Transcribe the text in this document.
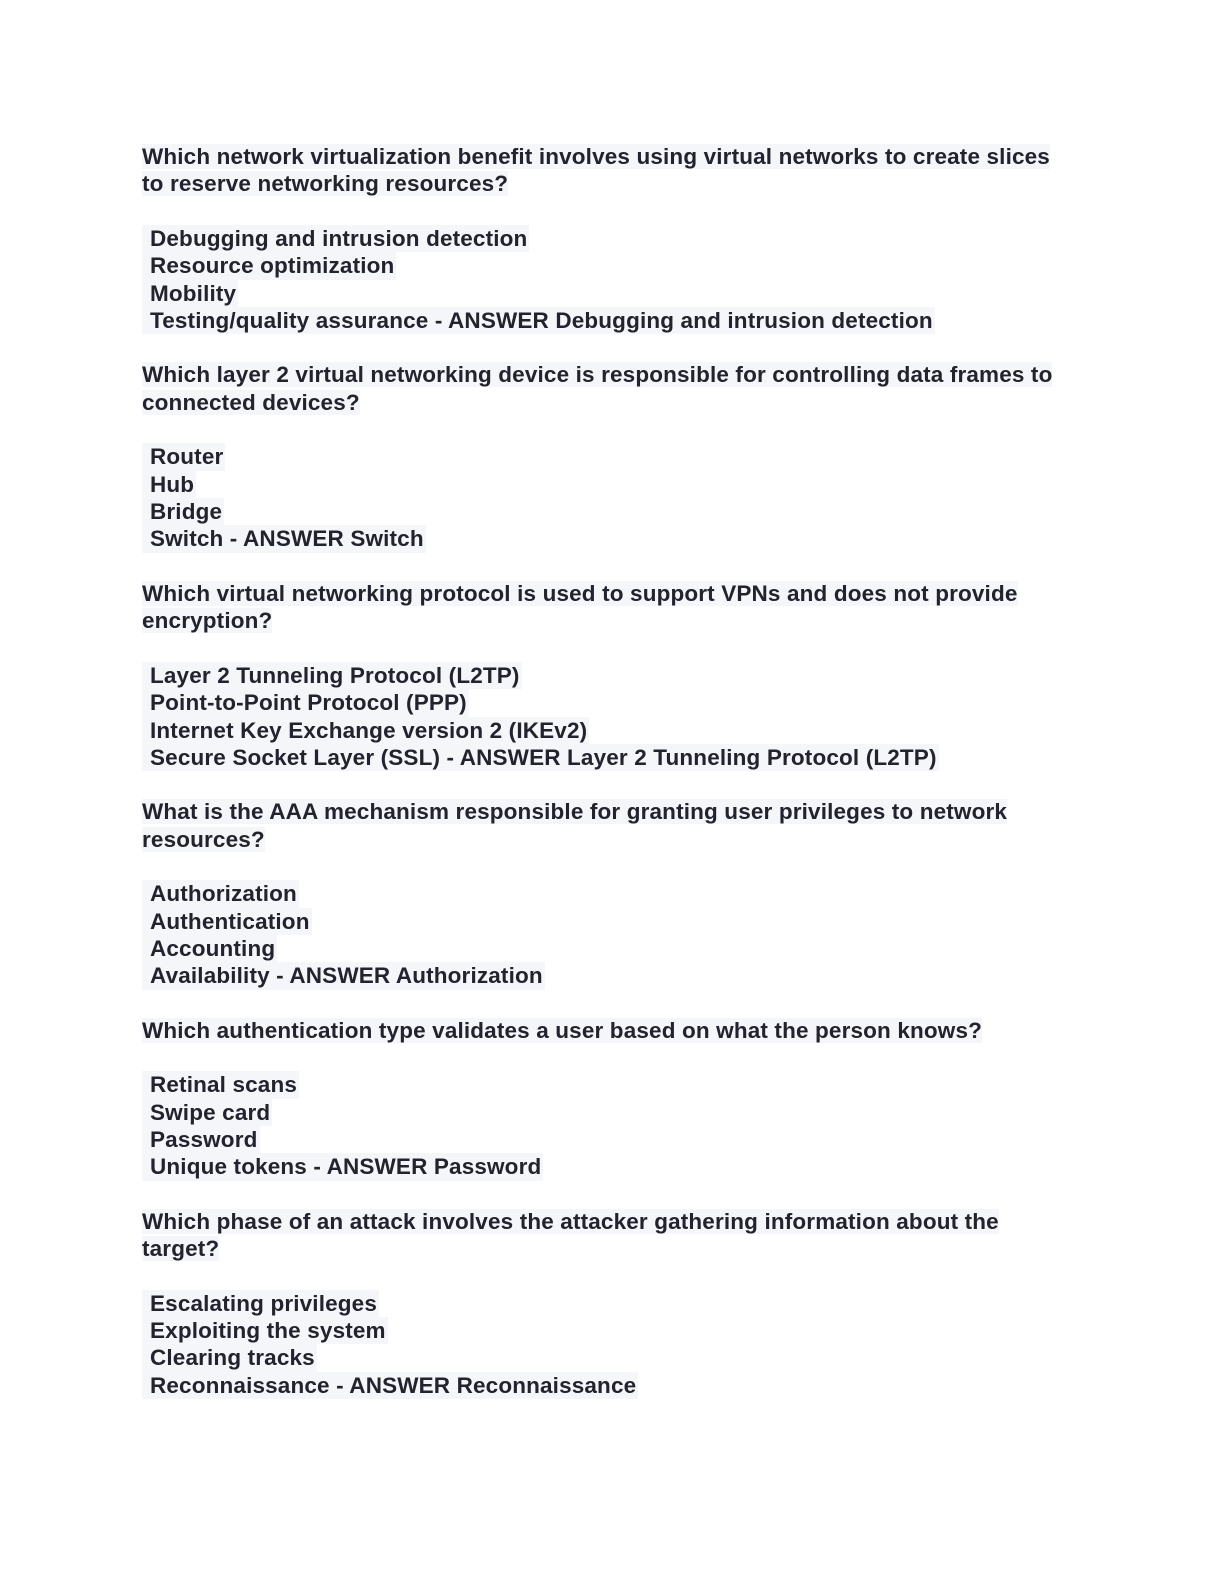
Which network virtualization benefit involves using virtual networks to create slices to reserve networking resources?

Debugging and intrusion detection
Resource optimization
Mobility
Testing/quality assurance - ANSWER Debugging and intrusion detection

Which layer 2 virtual networking device is responsible for controlling data frames to connected devices?

Router
Hub
Bridge
Switch - ANSWER Switch

Which virtual networking protocol is used to support VPNs and does not provide encryption?

Layer 2 Tunneling Protocol (L2TP)
Point-to-Point Protocol (PPP)
Internet Key Exchange version 2 (IKEv2)
Secure Socket Layer (SSL) - ANSWER Layer 2 Tunneling Protocol (L2TP)

What is the AAA mechanism responsible for granting user privileges to network resources?

Authorization
Authentication
Accounting
Availability - ANSWER Authorization

Which authentication type validates a user based on what the person knows?

Retinal scans
Swipe card
Password
Unique tokens - ANSWER Password

Which phase of an attack involves the attacker gathering information about the target?

Escalating privileges
Exploiting the system
Clearing tracks
Reconnaissance - ANSWER Reconnaissance
